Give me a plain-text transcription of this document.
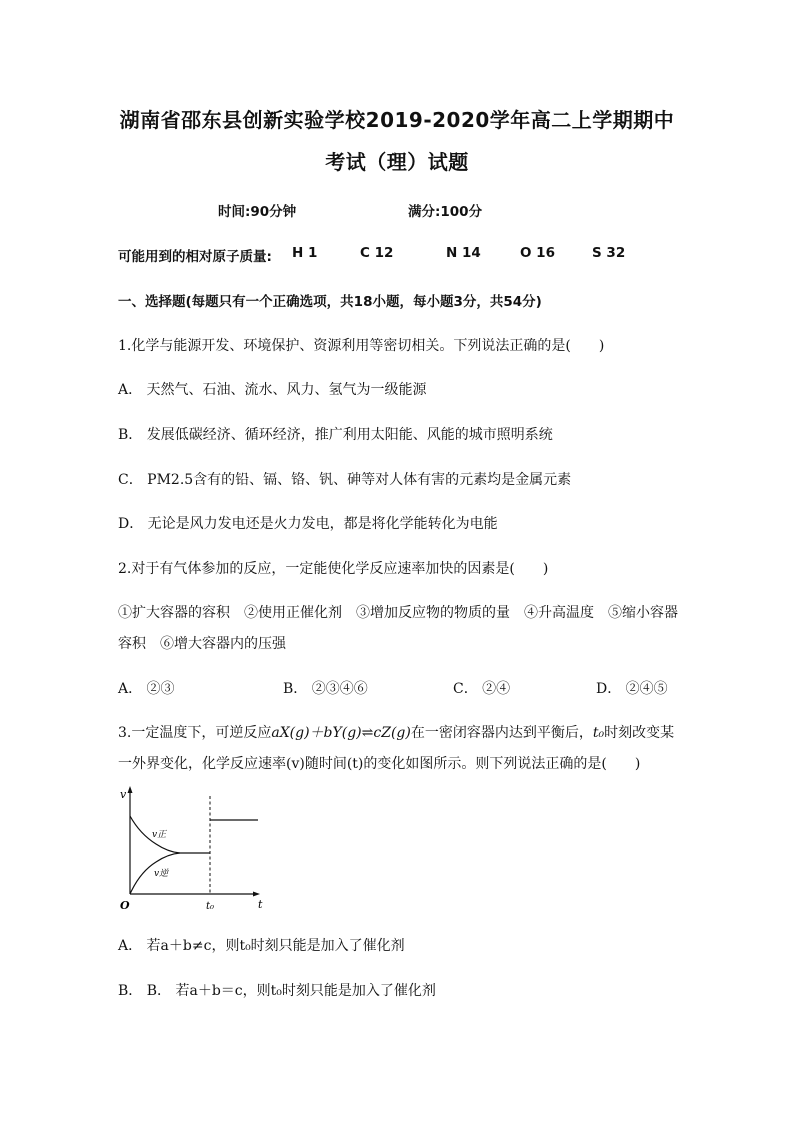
湖南省邵东县创新实验学校2019-2020学年高二上学期期中
考试（理）试题
时间:90分钟	满分:100分
可能用到的相对原子质量: H 1	C 12	N 14	O 16	S 32
一、选择题(每题只有一个正确选项，共18小题，每小题3分，共54分)
1.化学与能源开发、环境保护、资源利用等密切相关。下列说法正确的是(　　)
A． 天然气、石油、流水、风力、氢气为一级能源
B． 发展低碳经济、循环经济，推广利用太阳能、风能的城市照明系统
C． PM2.5含有的铅、镉、铬、钒、砷等对人体有害的元素均是金属元素
D． 无论是风力发电还是火力发电，都是将化学能转化为电能
2.对于有气体参加的反应，一定能使化学反应速率加快的因素是(　　)
①扩大容器的容积　②使用正催化剂　③增加反应物的物质的量　④升高温度　⑤缩小容器
容积　⑥增大容器内的压强
A． ②③	B． ②③④⑥	C． ②④	D． ②④⑤
3.一定温度下，可逆反应aX(g)＋bY(g)⇌cZ(g)在一密闭容器内达到平衡后，t₀时刻改变某
一外界变化，化学反应速率(v)随时间(t)的变化如图所示。则下列说法正确的是(　　)
v
t
O	t₀
v正
v逆
A． 若a＋b≠c，则t₀时刻只能是加入了催化剂
B． B． 若a＋b＝c，则t₀时刻只能是加入了催化剂
